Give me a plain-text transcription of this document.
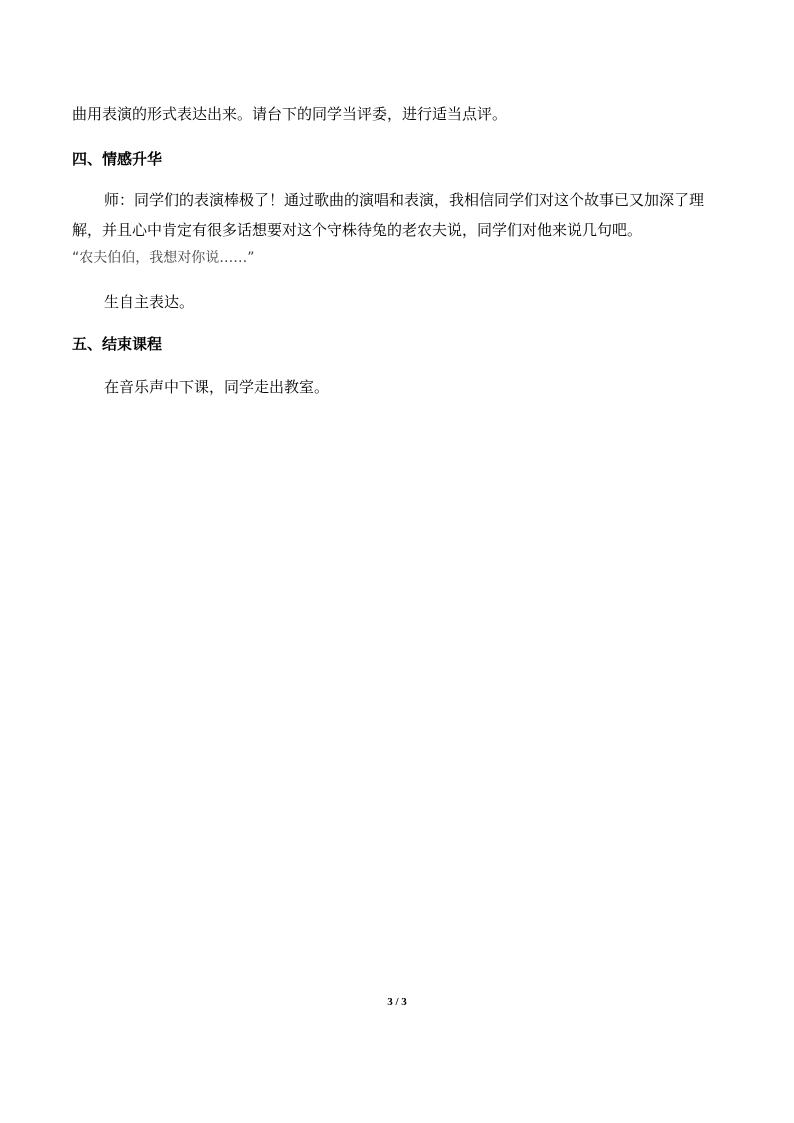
曲用表演的形式表达出来。请台下的同学当评委，进行适当点评。
四、情感升华
师：同学们的表演棒极了！通过歌曲的演唱和表演，我相信同学们对这个故事已又加深了理解，并且心中肯定有很多话想要对这个守株待兔的老农夫说，同学们对他来说几句吧。
“农夫伯伯，我想对你说……”
生自主表达。
五、结束课程
在音乐声中下课，同学走出教室。
3 / 3
